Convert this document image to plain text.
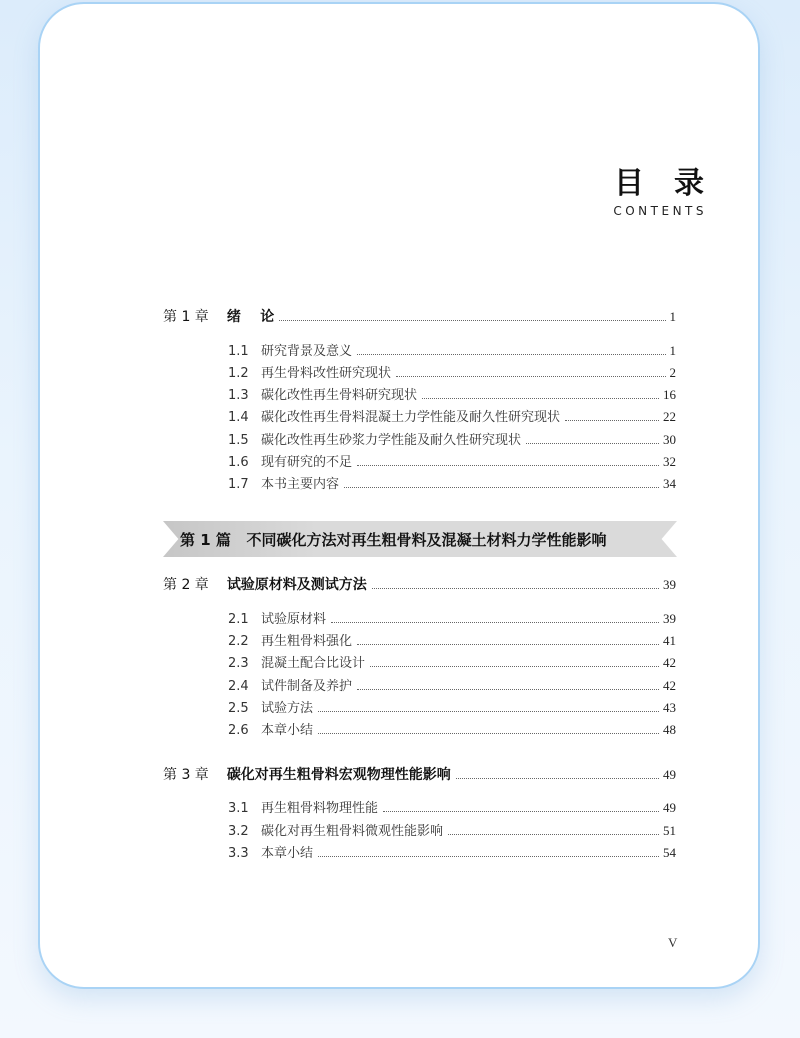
目录
CONTENTS
第 1 篇   不同碳化方法对再生粗骨料及混凝土材料力学性能影响
第 1 章 绪    论	1
1.1 研究背景及意义	1
1.2 再生骨料改性研究现状	2
1.3 碳化改性再生骨料研究现状	16
1.4 碳化改性再生骨料混凝土力学性能及耐久性研究现状	22
1.5 碳化改性再生砂浆力学性能及耐久性研究现状	30
1.6 现有研究的不足	32
1.7 本书主要内容	34
第 2 章 试验原材料及测试方法	39
2.1 试验原材料	39
2.2 再生粗骨料强化	41
2.3 混凝土配合比设计	42
2.4 试件制备及养护	42
2.5 试验方法	43
2.6 本章小结	48
第 3 章 碳化对再生粗骨料宏观物理性能影响	49
3.1 再生粗骨料物理性能	49
3.2 碳化对再生粗骨料微观性能影响	51
3.3 本章小结	54
V
